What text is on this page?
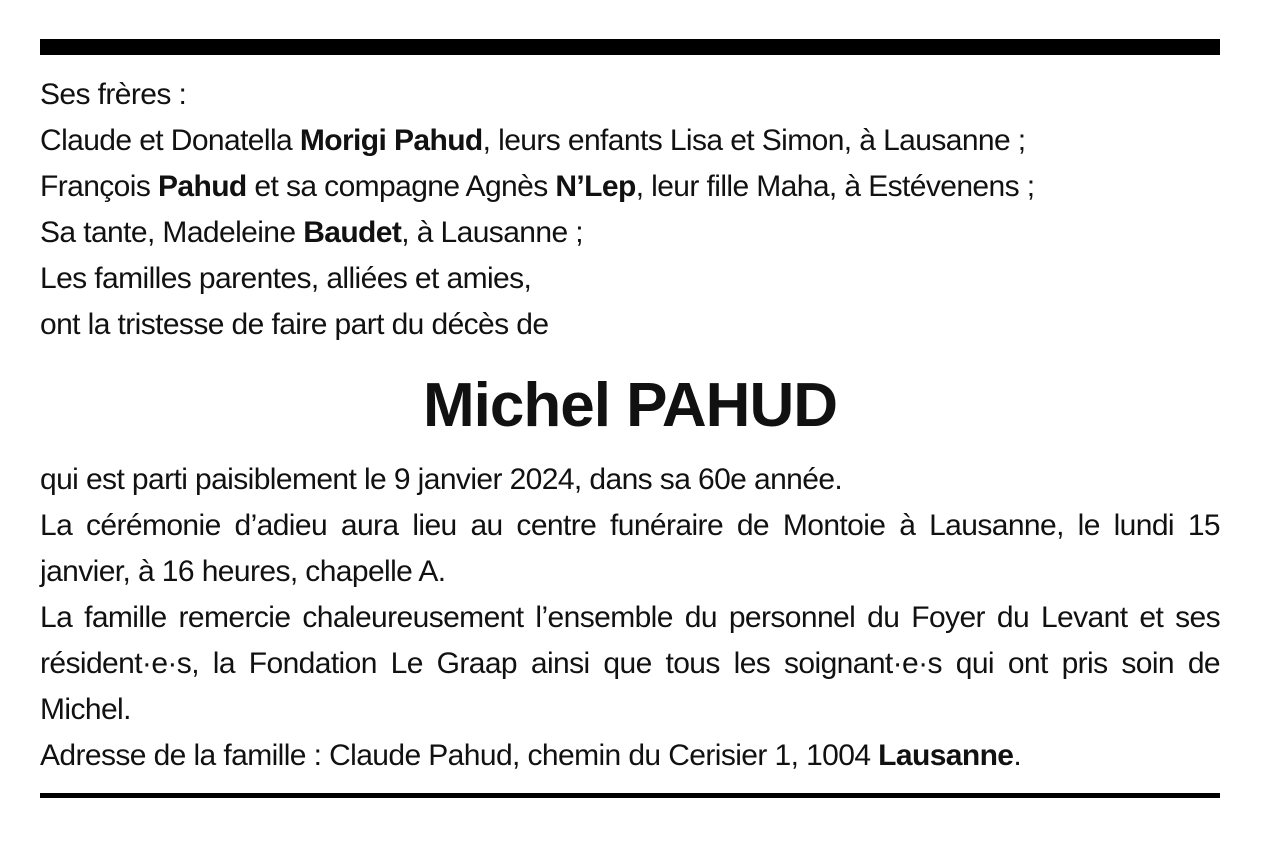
Ses frères :
Claude et Donatella Morigi Pahud, leurs enfants Lisa et Simon, à Lausanne ;
François Pahud et sa compagne Agnès N’Lep, leur fille Maha, à Estévenens ;
Sa tante, Madeleine Baudet, à Lausanne ;
Les familles parentes, alliées et amies,
ont la tristesse de faire part du décès de
Michel PAHUD

qui est parti paisiblement le 9 janvier 2024, dans sa 60e année.

La cérémonie d’adieu aura lieu au centre funéraire de Montoie à Lausanne, le lundi 15 janvier, à 16 heures, chapelle A.

La famille remercie chaleureusement l’ensemble du personnel du Foyer du Levant et ses résident·e·s, la Fondation Le Graap ainsi que tous les soignant·e·s qui ont pris soin de Michel.

Adresse de la famille : Claude Pahud, chemin du Cerisier 1, 1004 Lausanne.
